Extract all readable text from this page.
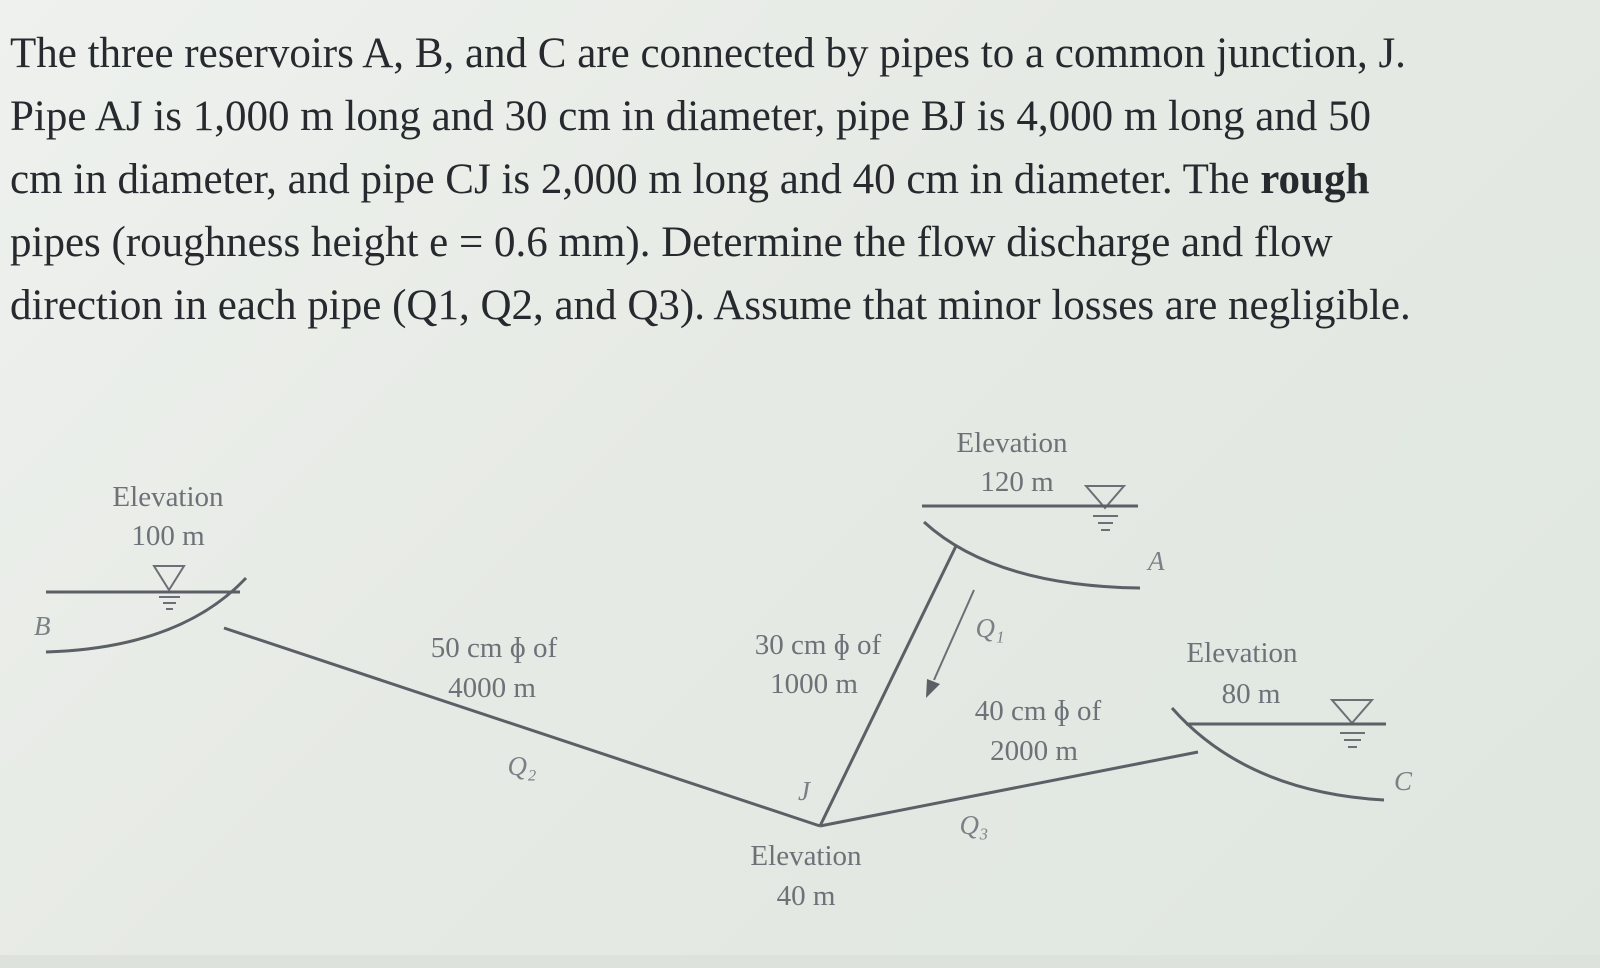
The three reservoirs A, B, and C are connected by pipes to a common junction, J.
Pipe AJ is 1,000 m long and 30 cm in diameter, pipe BJ is 4,000 m long and 50
cm in diameter, and pipe CJ is 2,000 m long and 40 cm in diameter. The rough
pipes (roughness height e = 0.6 mm). Determine the flow discharge and flow
direction in each pipe (Q1, Q2, and Q3). Assume that minor losses are negligible.
Elevation
100 m
B
Elevation
120 m
A
Elevation
80 m
C
50 cm ɸ of
4000 m
Q₂
30 cm ɸ of
1000 m
Q₁
40 cm ɸ of
2000 m
Q₃
J
Elevation
40 m
